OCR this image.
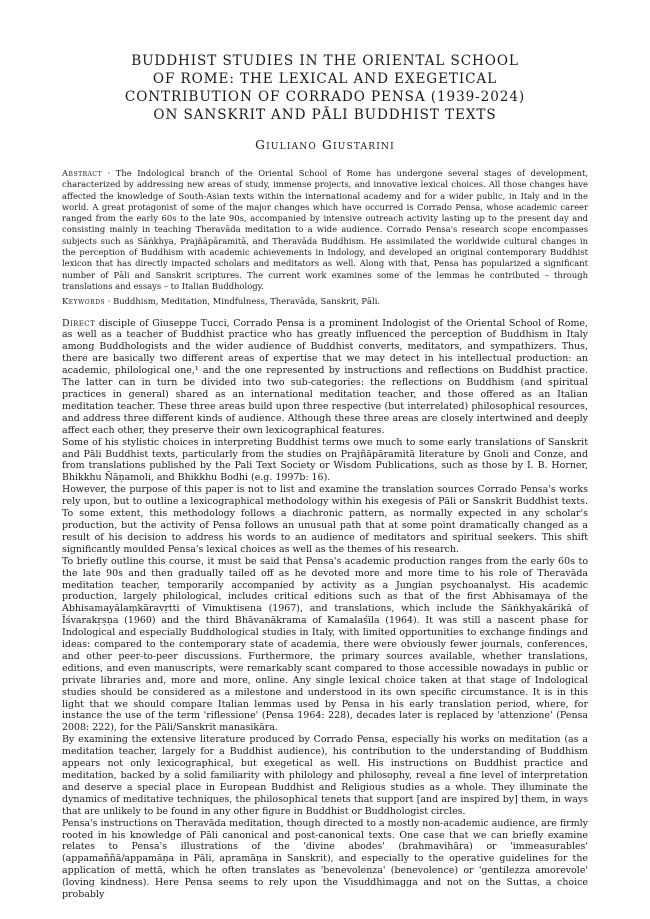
BUDDHIST STUDIES IN THE ORIENTAL SCHOOL
OF ROME: THE LEXICAL AND EXEGETICAL
CONTRIBUTION OF CORRADO PENSA (1939-2024)
ON SANSKRIT AND PĀLI BUDDHIST TEXTS
Giuliano Giustarini
Abstract · The Indological branch of the Oriental School of Rome has undergone several stages of development, characterized by addressing new areas of study, immense projects, and innovative lexical choices. All those changes have affected the knowledge of South-Asian texts within the international academy and for a wider public, in Italy and in the world. A great protagonist of some of the major changes which have occurred is Corrado Pensa, whose academic career ranged from the early 60s to the late 90s, accompanied by intensive outreach activity lasting up to the present day and consisting mainly in teaching Theravāda meditation to a wide audience. Corrado Pensa's research scope encompasses subjects such as Sāṅkhya, Prajñāpāramitā, and Theravāda Buddhism. He assimilated the worldwide cultural changes in the perception of Buddhism with academic achievements in Indology, and developed an original contemporary Buddhist lexicon that has directly impacted scholars and meditators as well. Along with that, Pensa has popularized a significant number of Pāli and Sanskrit scriptures. The current work examines some of the lemmas he contributed – through translations and essays – to Italian Buddhology.
Keywords · Buddhism, Meditation, Mindfulness, Theravāda, Sanskrit, Pāli.

Direct disciple of Giuseppe Tucci, Corrado Pensa is a prominent Indologist of the Oriental School of Rome, as well as a teacher of Buddhist practice who has greatly influenced the perception of Buddhism in Italy among Buddhologists and the wider audience of Buddhist converts, meditators, and sympathizers. Thus, there are basically two different areas of expertise that we may detect in his intellectual production: an academic, philological one,¹ and the one represented by instructions and reflections on Buddhist practice. The latter can in turn be divided into two sub-categories: the reflections on Buddhism (and spiritual practices in general) shared as an international meditation teacher, and those offered as an Italian meditation teacher. These three areas build upon three respective (but interrelated) philosophical resources, and address three different kinds of audience. Although these three areas are closely intertwined and deeply affect each other, they preserve their own lexicographical features.

Some of his stylistic choices in interpreting Buddhist terms owe much to some early translations of Sanskrit and Pāli Buddhist texts, particularly from the studies on Prajñāpāramitā literature by Gnoli and Conze, and from translations published by the Pali Text Society or Wisdom Publications, such as those by I. B. Horner, Bhikkhu Ñāṇamoli, and Bhikkhu Bodhi (e.g. 1997b: 16).

However, the purpose of this paper is not to list and examine the translation sources Corrado Pensa's works rely upon, but to outline a lexicographical methodology within his exegesis of Pāli or Sanskrit Buddhist texts. To some extent, this methodology follows a diachronic pattern, as normally expected in any scholar's production, but the activity of Pensa follows an unusual path that at some point dramatically changed as a result of his decision to address his words to an audience of meditators and spiritual seekers. This shift significantly moulded Pensa's lexical choices as well as the themes of his research.

To briefly outline this course, it must be said that Pensa's academic production ranges from the early 60s to the late 90s and then gradually tailed off as he devoted more and more time to his role of Theravāda meditation teacher, temporarily accompanied by activity as a Jungian psychoanalyst. His academic production, largely philological, includes critical editions such as that of the first Abhisamaya of the Abhisamayālaṃkāravṛtti of Vimuktisena (1967), and translations, which include the Sāṅkhyakārikā of Īśvarakṛṣṇa (1960) and the third Bhāvanākrama of Kamalaśīla (1964). It was still a nascent phase for Indological and especially Buddhological studies in Italy, with limited opportunities to exchange findings and ideas: compared to the contemporary state of academia, there were obviously fewer journals, conferences, and other peer-to-peer discussions. Furthermore, the primary sources available, whether translations, editions, and even manuscripts, were remarkably scant compared to those accessible nowadays in public or private libraries and, more and more, online. Any single lexical choice taken at that stage of Indological studies should be considered as a milestone and understood in its own specific circumstance. It is in this light that we should compare Italian lemmas used by Pensa in his early translation period, where, for instance the use of the term 'riflessione' (Pensa 1964: 228), decades later is replaced by 'attenzione' (Pensa 2008: 222), for the Pāli/Sanskrit manasikāra.

By examining the extensive literature produced by Corrado Pensa, especially his works on meditation (as a meditation teacher, largely for a Buddhist audience), his contribution to the understanding of Buddhism appears not only lexicographical, but exegetical as well. His instructions on Buddhist practice and meditation, backed by a solid familiarity with philology and philosophy, reveal a fine level of interpretation and deserve a special place in European Buddhist and Religious studies as a whole. They illuminate the dynamics of meditative techniques, the philosophical tenets that support [and are inspired by] them, in ways that are unlikely to be found in any other figure in Buddhist or Buddhologist circles.

Pensa's instructions on Theravāda meditation, though directed to a mostly non-academic audience, are firmly rooted in his knowledge of Pāli canonical and post-canonical texts. One case that we can briefly examine relates to Pensa's illustrations of the 'divine abodes' (brahmavihāra) or 'immeasurables' (appamaññā/appamāṇa in Pāli, apramāṇa in Sanskrit), and especially to the operative guidelines for the application of mettā, which he often translates as 'benevolenza' (benevolence) or 'gentilezza amorevole' (loving kindness). Here Pensa seems to rely upon the Visuddhimagga and not on the Suttas, a choice probably
